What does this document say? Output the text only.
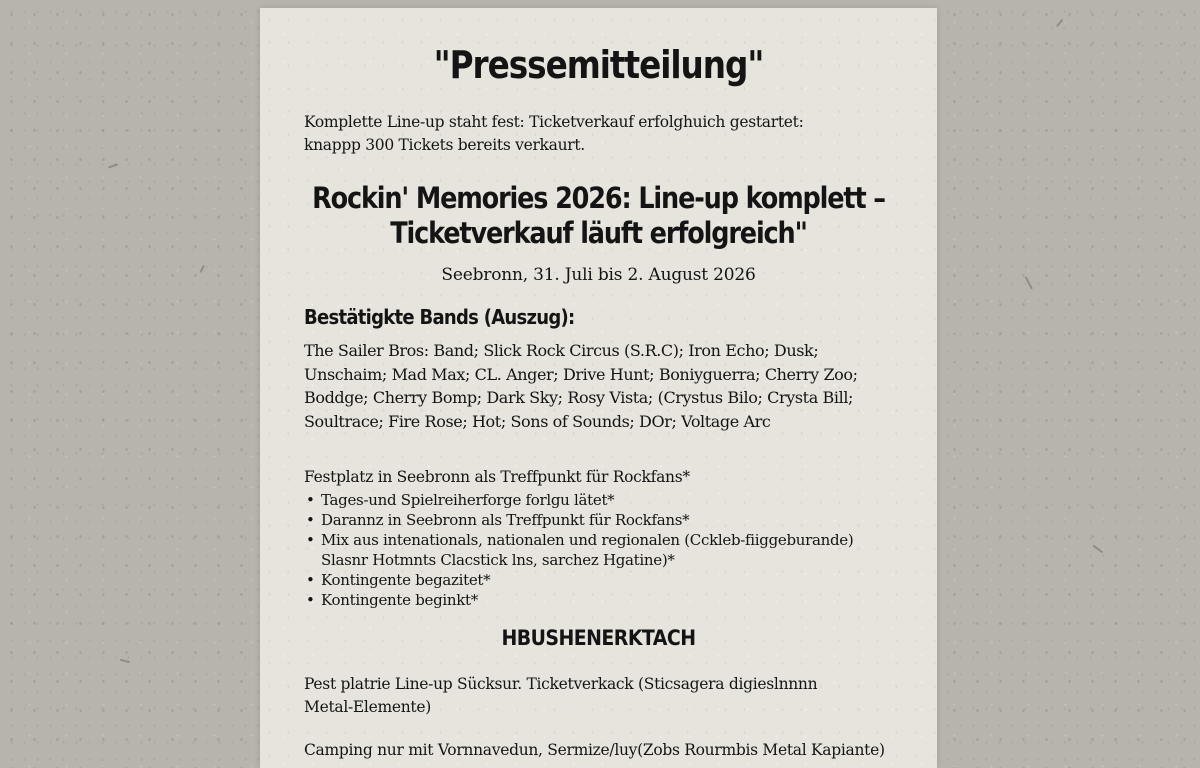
"Pressemitteilung"
Komplette Line-up staht fest: Ticketverkauf erfolghuich gestartet:
knappp 300 Tickets bereits verkaurt.
Rockin' Memories 2026: Line-up komplett –
Ticketverkauf läuft erfolgreich"
Seebronn, 31. Juli bis 2. August 2026
Bestätigkte Bands (Auszug):
The Sailer Bros: Band; Slick Rock Circus (S.R.C); Iron Echo; Dusk;
Unschaim; Mad Max; CL. Anger; Drive Hunt; Boniyguerra; Cherry Zoo;
Boddge; Cherry Bomp; Dark Sky; Rosy Vista; (Crystus Bilo; Crysta Bill;
Soultrace; Fire Rose; Hot; Sons of Sounds; DOr; Voltage Arc
Festplatz in Seebronn als Treffpunkt für Rockfans*
• Tages-und Spielreiherforge forlgu lätet*
• Darannz in Seebronn als Treffpunkt für Rockfans*
• Mix aus intenationals, nationalen und regionalen (Cckleb-fiiggeburande)
Slasnr Hotmnts Clacstick lns, sarchez Hgatine)*
• Kontingente begazitet*
• Kontingente beginkt*
HBUSHENERKTACH
Pest platrie Line-up Sücksur. Ticketverkack (Sticsagera digieslnnnn
Metal-Elemente)
Camping nur mit Vornnavedun, Sermize/luy(Zobs Rourmbis Metal Kapiante)
